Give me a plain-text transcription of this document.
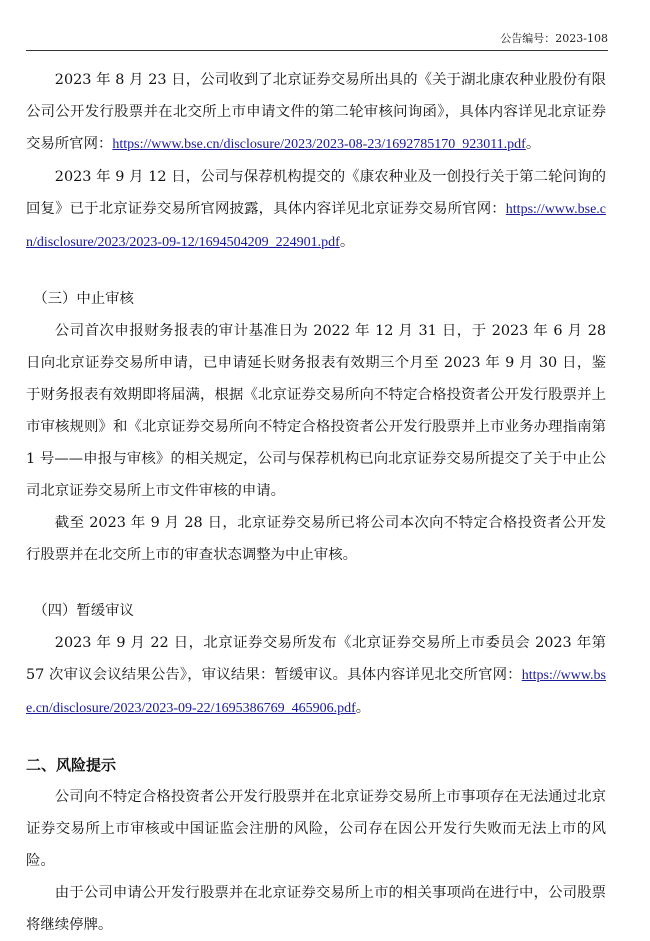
公告编号：2023-108

2023 年 8 月 23 日，公司收到了北京证券交易所出具的《关于湖北康农种业股份有限公司公开发行股票并在北交所上市申请文件的第二轮审核问询函》，具体内容详见北京证券交易所官网：https://www.bse.cn/disclosure/2023/2023-08-23/1692785170_923011.pdf。

2023 年 9 月 12 日，公司与保荐机构提交的《康农种业及一创投行关于第二轮问询的回复》已于北京证券交易所官网披露，具体内容详见北京证券交易所官网：https://www.bse.cn/disclosure/2023/2023-09-12/1694504209_224901.pdf。

（三）中止审核

公司首次申报财务报表的审计基准日为 2022 年 12 月 31 日，于 2023 年 6 月 28 日向北京证券交易所申请，已申请延长财务报表有效期三个月至 2023 年 9 月 30 日，鉴于财务报表有效期即将届满，根据《北京证券交易所向不特定合格投资者公开发行股票并上市审核规则》和《北京证券交易所向不特定合格投资者公开发行股票并上市业务办理指南第 1 号——申报与审核》的相关规定，公司与保荐机构已向北京证券交易所提交了关于中止公司北京证券交易所上市文件审核的申请。

截至 2023 年 9 月 28 日，北京证券交易所已将公司本次向不特定合格投资者公开发行股票并在北交所上市的审查状态调整为中止审核。

（四）暂缓审议

2023 年 9 月 22 日，北京证券交易所发布《北京证券交易所上市委员会 2023 年第 57 次审议会议结果公告》，审议结果：暂缓审议。具体内容详见北交所官网：https://www.bse.cn/disclosure/2023/2023-09-22/1695386769_465906.pdf。

二、风险提示

公司向不特定合格投资者公开发行股票并在北京证券交易所上市事项存在无法通过北京证券交易所上市审核或中国证监会注册的风险，公司存在因公开发行失败而无法上市的风险。

由于公司申请公开发行股票并在北京证券交易所上市的相关事项尚在进行中，公司股票将继续停牌。
